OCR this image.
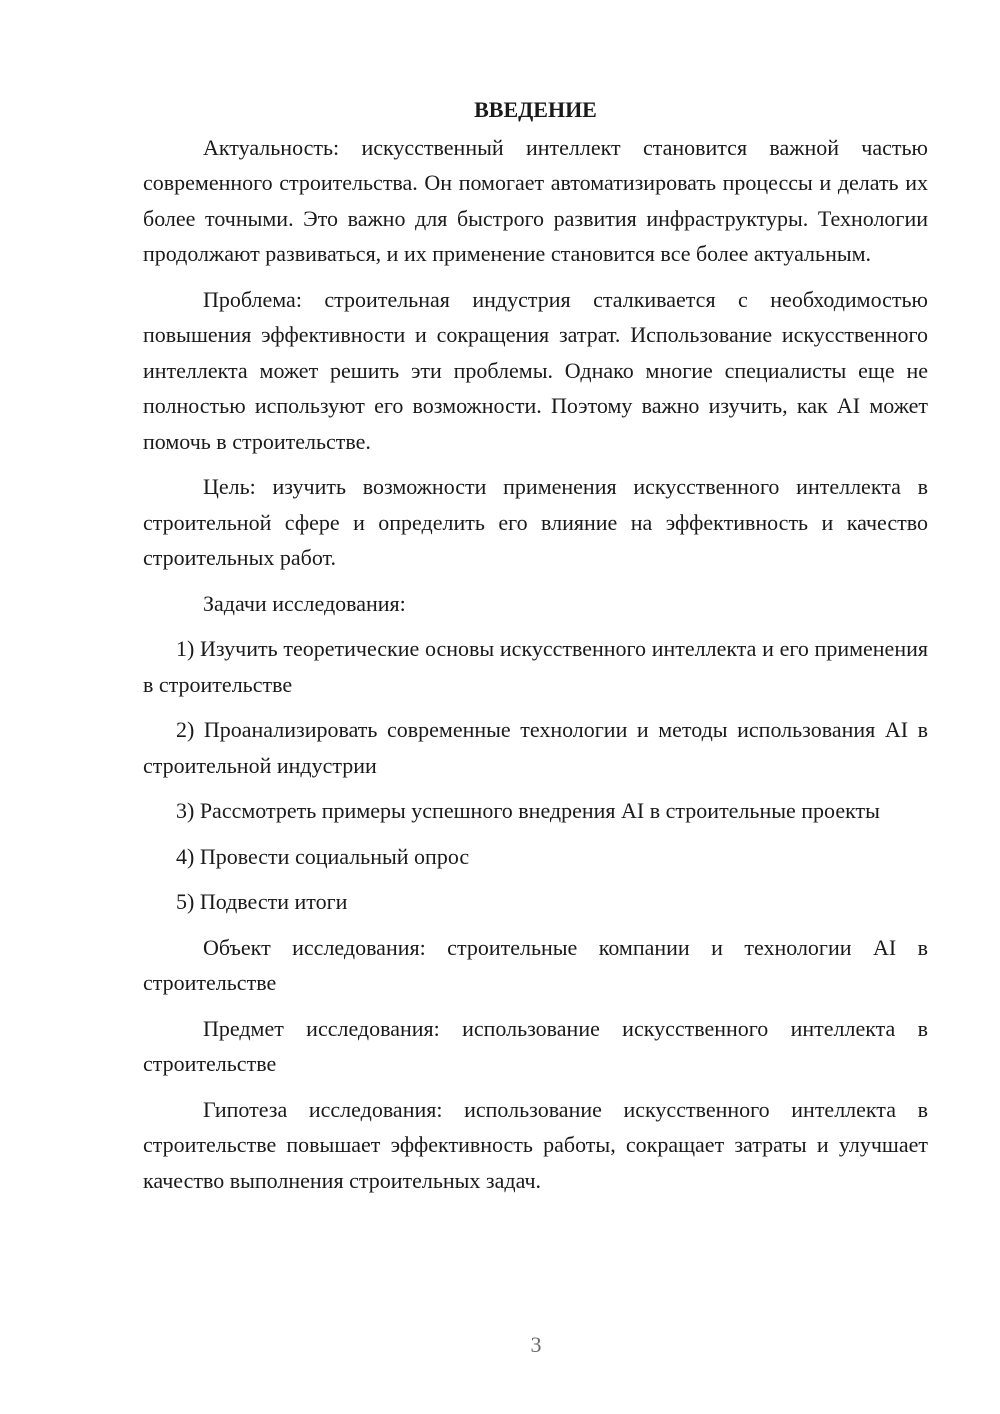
ВВЕДЕНИЕ

Актуальность: искусственный интеллект становится важной частью современного строительства. Он помогает автоматизировать процессы и делать их более точными. Это важно для быстрого развития инфраструктуры. Технологии продолжают развиваться, и их применение становится все более актуальным.

Проблема: строительная индустрия сталкивается с необходимостью повышения эффективности и сокращения затрат. Использование искусственного интеллекта может решить эти проблемы. Однако многие специалисты еще не полностью используют его возможности. Поэтому важно изучить, как AI может помочь в строительстве.

Цель: изучить возможности применения искусственного интеллекта в строительной сфере и определить его влияние на эффективность и качество строительных работ.

Задачи исследования:

1) Изучить теоретические основы искусственного интеллекта и его применения в строительстве

2) Проанализировать современные технологии и методы использования AI в строительной индустрии

3) Рассмотреть примеры успешного внедрения AI в строительные проекты

4) Провести социальный опрос

5) Подвести итоги

Объект исследования: строительные компании и технологии AI в строительстве

Предмет исследования: использование искусственного интеллекта в строительстве

Гипотеза исследования: использование искусственного интеллекта в строительстве повышает эффективность работы, сокращает затраты и улучшает качество выполнения строительных задач.

3
